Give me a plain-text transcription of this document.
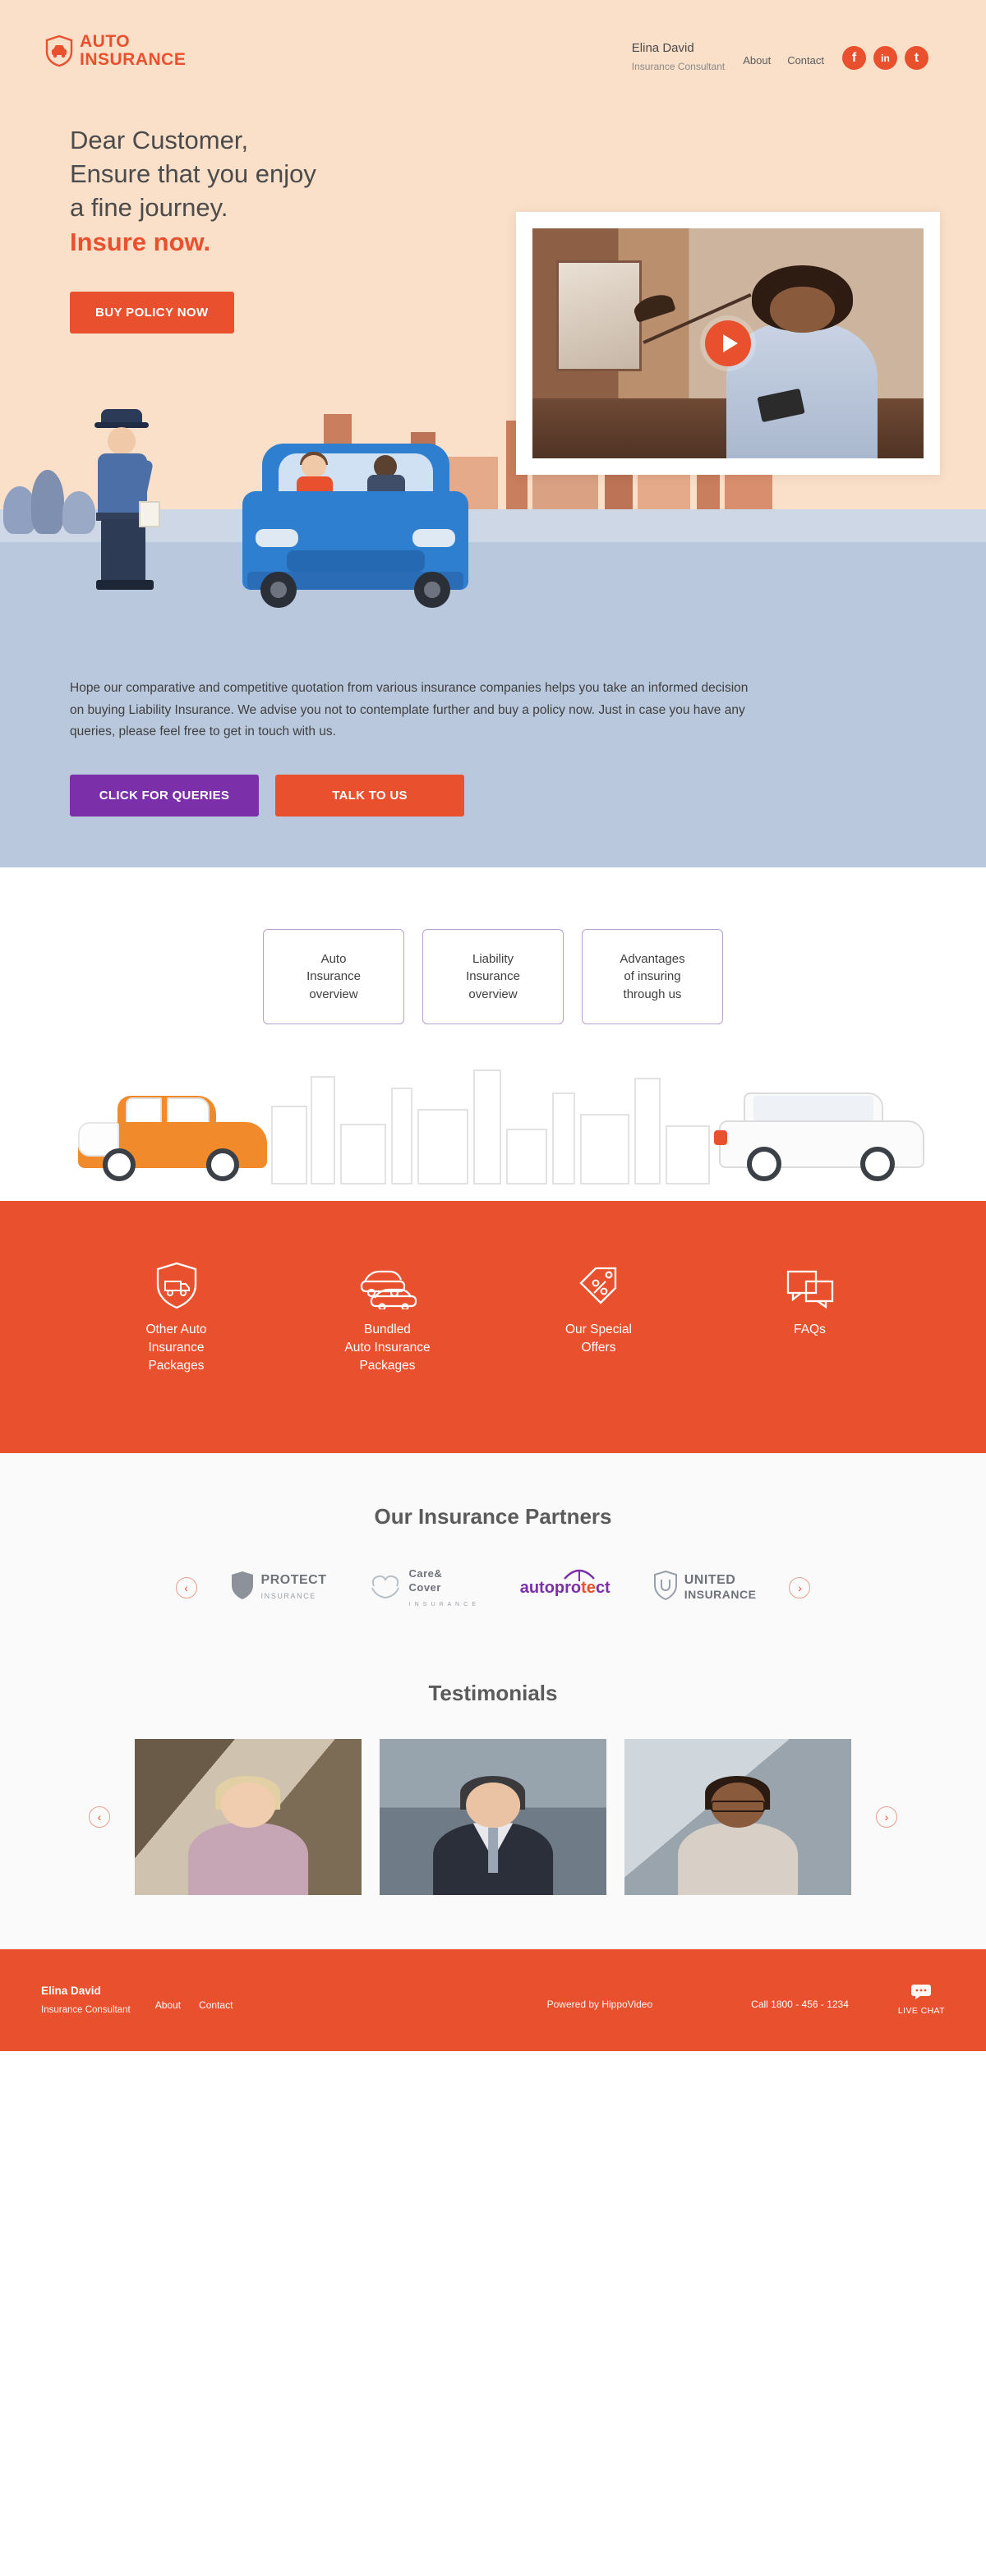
AUTO
INSURANCE
Elina David
Insurance Consultant About Contact	f	in	t
Dear Customer,
Ensure that you enjoy
a fine journey.
Insure now.
BUY POLICY NOW

Hope our comparative and competitive quotation from various insurance companies helps you take an informed decision on buying Liability Insurance. We advise you not to contemplate further and buy a policy now. Just in case you have any queries, please feel free to get in touch with us.

CLICK FOR QUERIES	TALK TO US
Auto
Insurance
overview
Liability
Insurance
overview
Advantages
of insuring
through us
Other Auto
Insurance
Packages
Bundled
Auto Insurance
Packages
Our Special
Offers
FAQs
Our Insurance Partners
‹
PROTECT
INSURANCE
Care&
Cover
I N S U R A N C E
autoprotect	UNITED
INSURANCE	›
Testimonials
‹	›
Elina David
Insurance Consultant	About Contact	Powered by HippoVideo	Call 1800 - 456 - 1234
LIVE CHAT
